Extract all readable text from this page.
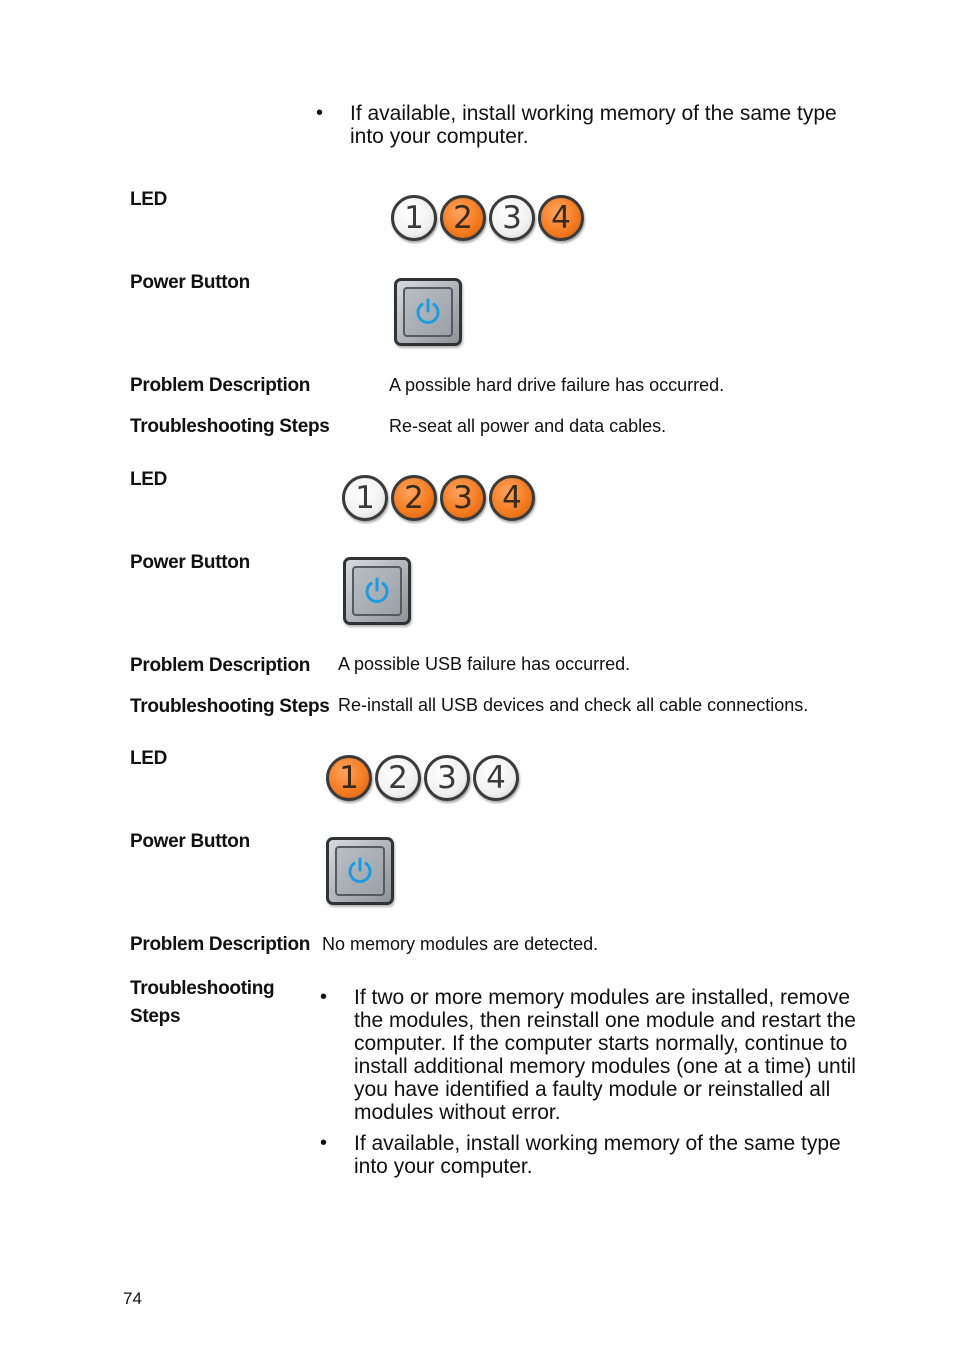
• If available, install working memory of the same type
into your computer.
LED	1 2 3 4
Power Button
Problem Description	A possible hard drive failure has occurred.
Troubleshooting Steps	Re-seat all power and data cables.
LED	1 2 3 4
Power Button
Problem Description A possible USB failure has occurred.
Troubleshooting Steps Re-install all USB devices and check all cable connections.
LED
1 2 3 4
Power Button
Problem Description No memory modules are detected.
Troubleshooting
Steps
• If two or more memory modules are installed, remove
the modules, then reinstall one module and restart the
computer. If the computer starts normally, continue to
install additional memory modules (one at a time) until
you have identified a faulty module or reinstalled all
modules without error.
• If available, install working memory of the same type
into your computer.
74
